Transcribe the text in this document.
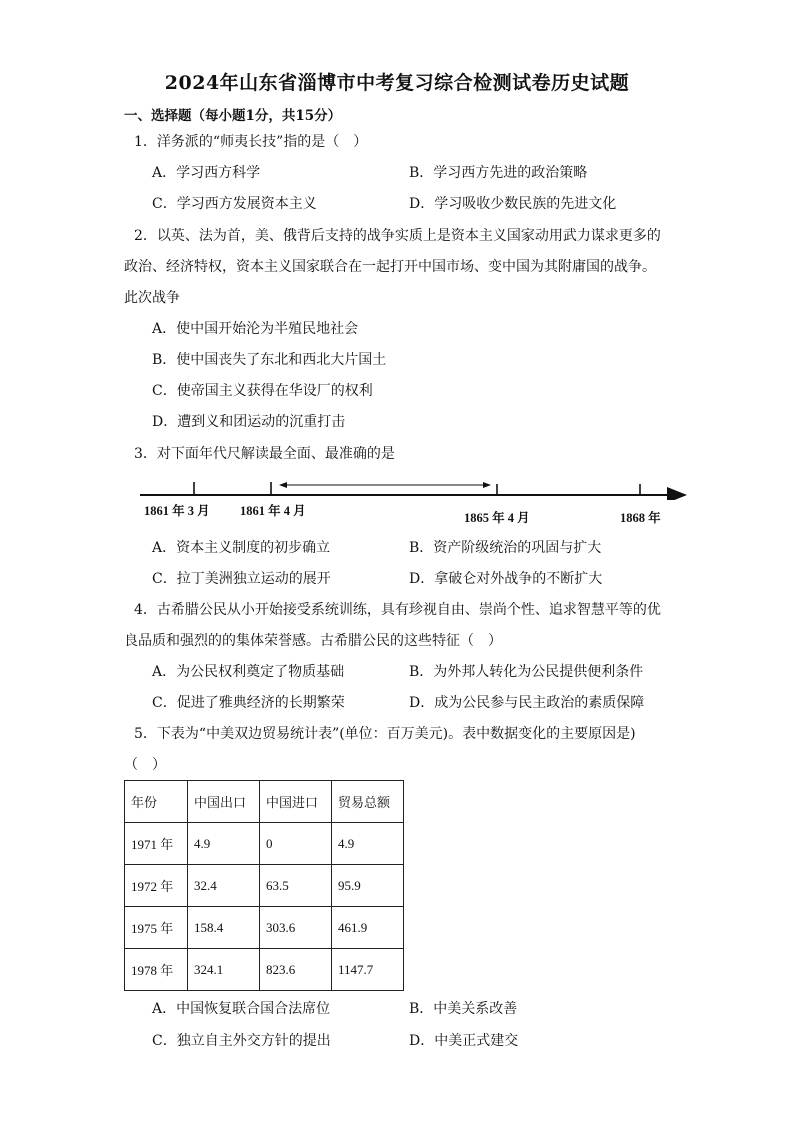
2024年山东省淄博市中考复习综合检测试卷历史试题
一、选择题（每小题1分，共15分）
1．洋务派的“师夷长技”指的是（　）
A．学习西方科学	B．学习西方先进的政治策略
C．学习西方发展资本主义	D．学习吸收少数民族的先进文化
2．以英、法为首，美、俄背后支持的战争实质上是资本主义国家动用武力谋求更多的
政治、经济特权，资本主义国家联合在一起打开中国市场、变中国为其附庸国的战争。
此次战争
A．使中国开始沦为半殖民地社会
B．使中国丧失了东北和西北大片国土
C．使帝国主义获得在华设厂的权利
D．遭到义和团运动的沉重打击
3．对下面年代尺解读最全面、最准确的是
1861 年 3 月 1861 年 4 月	1865 年 4 月	1868 年
A．资本主义制度的初步确立	B．资产阶级统治的巩固与扩大
C．拉丁美洲独立运动的展开	D．拿破仑对外战争的不断扩大
4．古希腊公民从小开始接受系统训练，具有珍视自由、崇尚个性、追求智慧平等的优
良品质和强烈的的集体荣誉感。古希腊公民的这些特征（　）
A．为公民权利奠定了物质基础	B．为外邦人转化为公民提供便利条件
C．促进了雅典经济的长期繁荣	D．成为公民参与民主政治的素质保障
5．下表为“中美双边贸易统计表”(单位：百万美元)。表中数据变化的主要原因是)
（　）
年份	中国出口	中国进口	贸易总额
1971 年	4.9	0	4.9
1972 年	32.4	63.5	95.9
1975 年	158.4	303.6	461.9
1978 年	324.1	823.6	1147.7
A．中国恢复联合国合法席位	B．中美关系改善
C．独立自主外交方针的提出	D．中美正式建交
